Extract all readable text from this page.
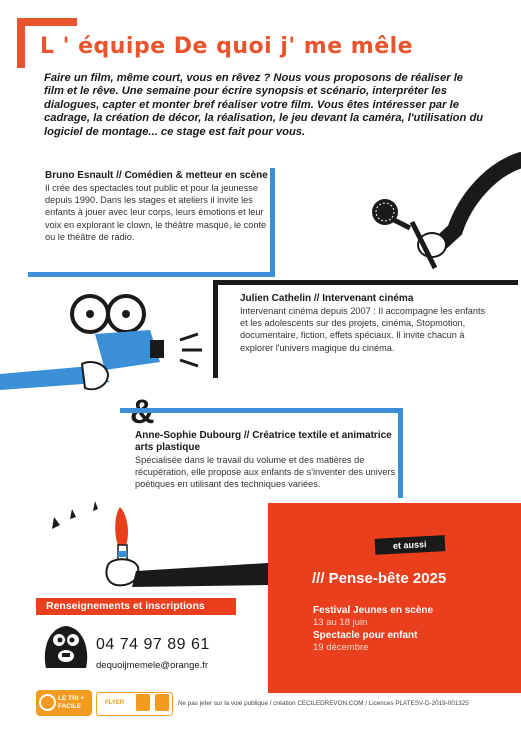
L ' équipe De quoi j' me mêle
Faire un film, même court, vous en rêvez ? Nous vous proposons de réaliser le film et le rêve. Une semaine pour écrire synopsis et scénario, interpréter les dialogues, capter et monter bref réaliser votre film. Vous êtes intéresser par le cadrage, la création de décor, la réalisation, le jeu devant la caméra, l'utilisation du logiciel de montage... ce stage est fait pour vous.
Bruno Esnault // Comédien & metteur en scène
Il crée des spectacles tout public et pour la jeunesse depuis 1990. Dans les stages et ateliers il invite les enfants à jouer avec leur corps, leurs émotions et leur voix en explorant le clown, le théâtre masqué, le conte ou le théâtre de radio.
Julien Cathelin // Intervenant cinéma
Intervenant cinéma depuis 2007 : Il accompagne les enfants et les adolescents sur des projets, cinéma, Stopmotion, documentaire, fiction, effets spéciaux. Il invite chacun à explorer l'univers magique du cinéma.
Anne-Sophie Dubourg // Créatrice textile et animatrice arts plastique
Spécialisée dans le travail du volume et des matières de récupération, elle propose aux enfants de s'inventer des univers poétiques en utilisant des techniques variées.
et aussi
/// Pense-bête 2025
Festival Jeunes en scène
13 au 18 juin
Spectacle pour enfant
19 décembre
Renseignements et inscriptions
04 74 97 89 61
dequoijmemele@orange.fr
LE TRI + FACILE	FLYER	Ne pas jeter sur la voie publique / création CECILEDREVON.COM / Licences PLATESV-D-2019-001325
